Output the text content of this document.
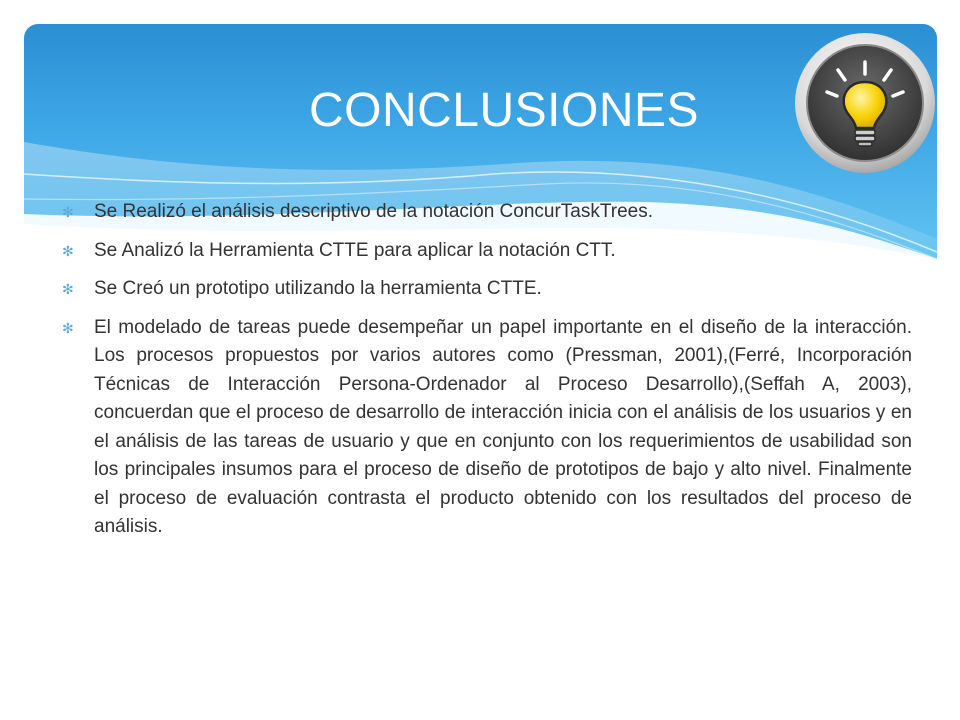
CONCLUSIONES
✻	Se Realizó el análisis descriptivo de la notación ConcurTaskTrees.
✻	Se Analizó la Herramienta CTTE para aplicar la notación CTT.
✻	Se Creó un prototipo utilizando la herramienta CTTE.
✻	El modelado de tareas puede desempeñar un papel importante en el diseño de la interacción. Los procesos propuestos por varios autores como (Pressman, 2001),(Ferré, Incorporación Técnicas de Interacción Persona-Ordenador al Proceso Desarrollo),(Seffah A, 2003), concuerdan que el proceso de desarrollo de interacción inicia con el análisis de los usuarios y en el análisis de las tareas de usuario y que en conjunto con los requerimientos de usabilidad son los principales insumos para el proceso de diseño de prototipos de bajo y alto nivel. Finalmente el proceso de evaluación contrasta el producto obtenido con los resultados del proceso de análisis.
